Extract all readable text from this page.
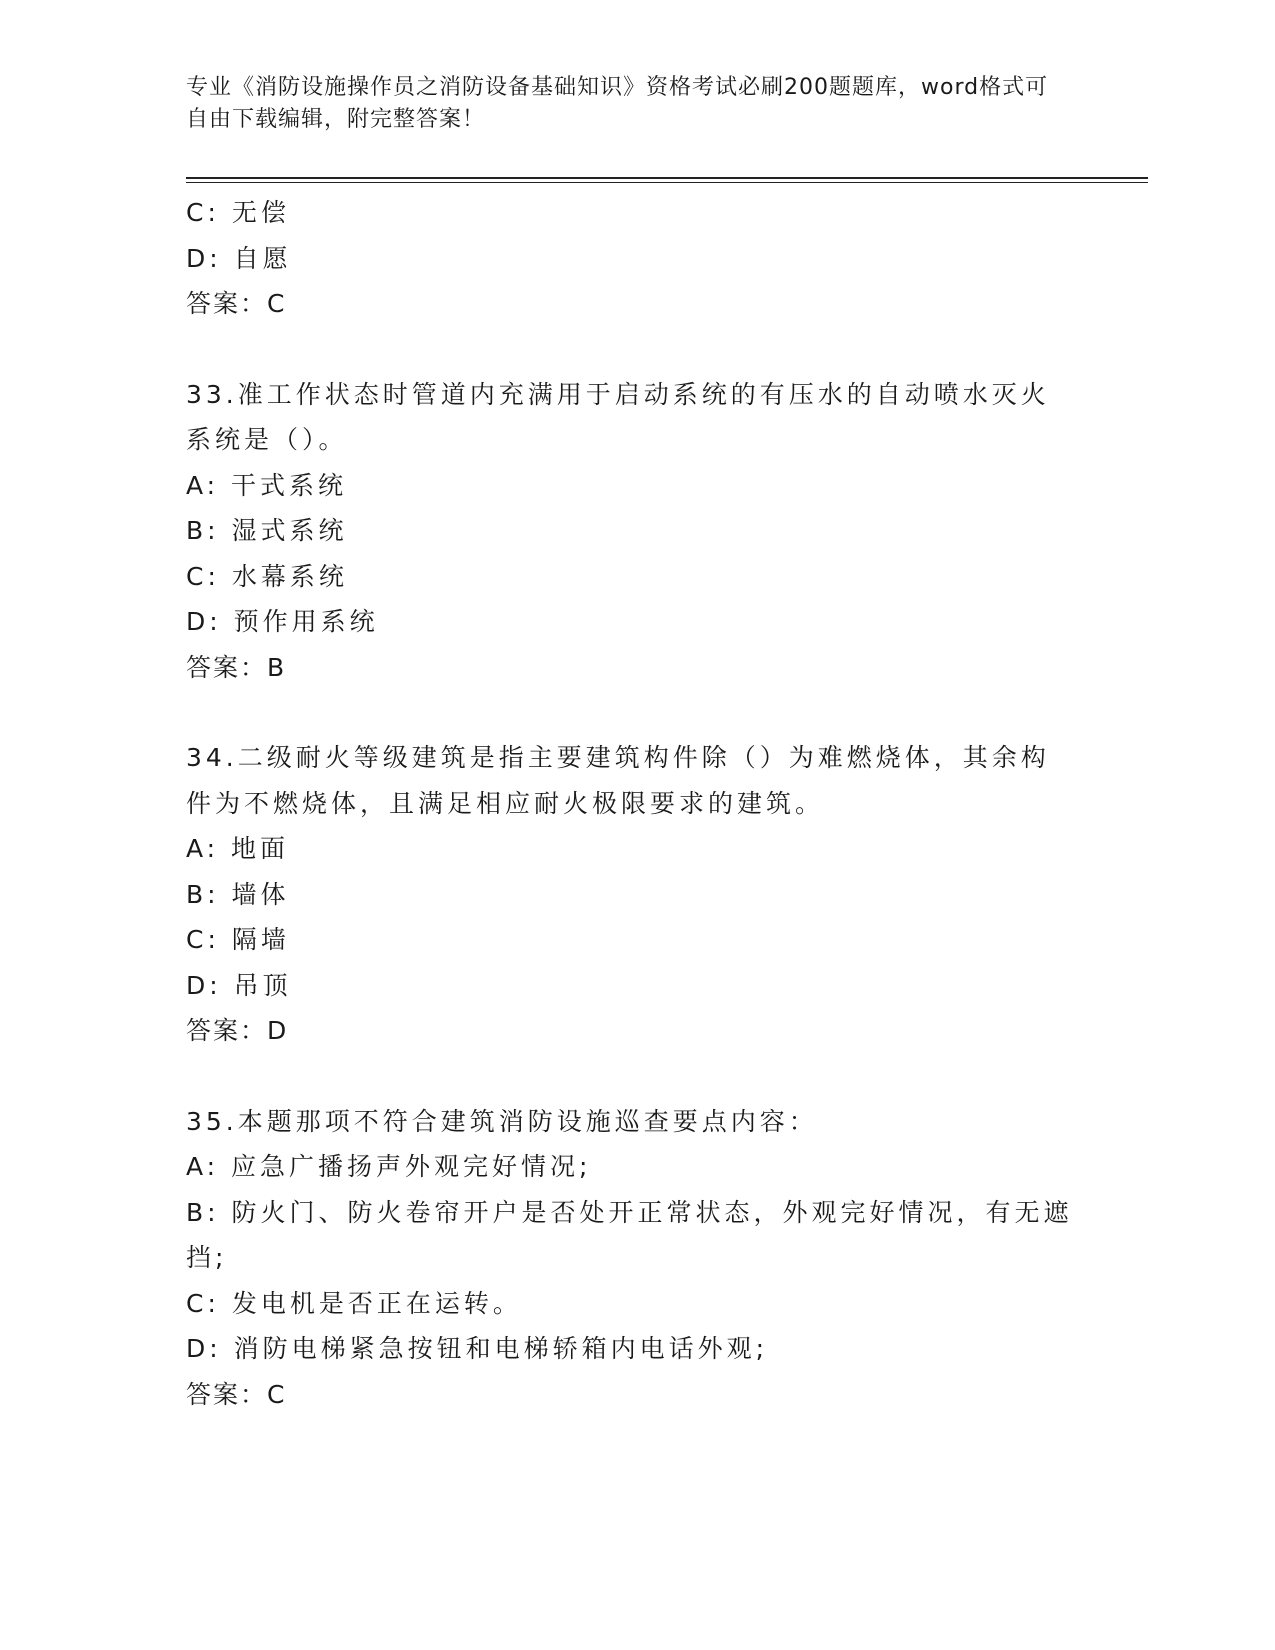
专业《消防设施操作员之消防设备基础知识》资格考试必刷200题题库，word格式可自由下载编辑，附完整答案！
C: 无偿
D: 自愿
答案：C
33.准工作状态时管道内充满用于启动系统的有压水的自动喷水灭火系统是（）。
A: 干式系统
B: 湿式系统
C: 水幕系统
D: 预作用系统
答案：B
34.二级耐火等级建筑是指主要建筑构件除（）为难燃烧体，其余构件为不燃烧体，且满足相应耐火极限要求的建筑。
A: 地面
B: 墙体
C: 隔墙
D: 吊顶
答案：D
35.本题那项不符合建筑消防设施巡查要点内容：
A: 应急广播扬声外观完好情况;
B: 防火门、防火卷帘开户是否处开正常状态，外观完好情况，有无遮挡;
C: 发电机是否正在运转。
D: 消防电梯紧急按钮和电梯轿箱内电话外观;
答案：C
